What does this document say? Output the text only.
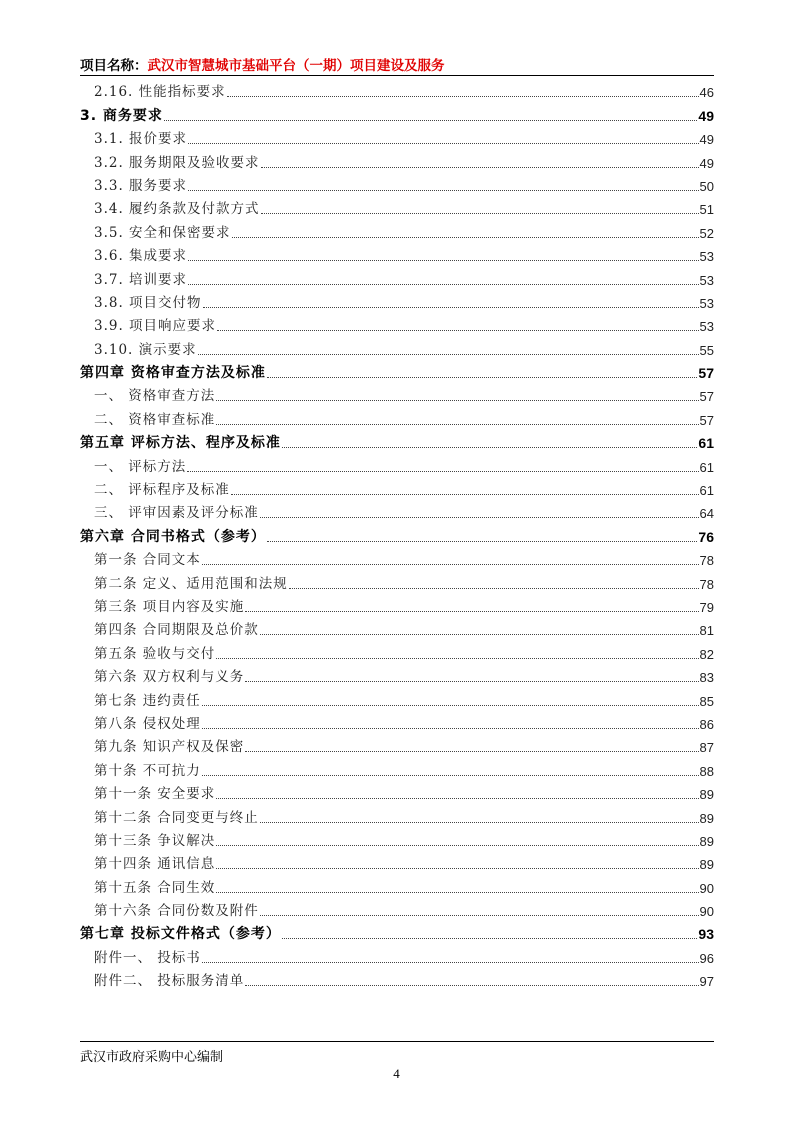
项目名称：武汉市智慧城市基础平台（一期）项目建设及服务
2.16. 性能指标要求	46
3. 商务要求	49
3.1. 报价要求	49
3.2. 服务期限及验收要求	49
3.3. 服务要求	50
3.4. 履约条款及付款方式	51
3.5. 安全和保密要求	52
3.6. 集成要求	53
3.7. 培训要求	53
3.8. 项目交付物	53
3.9. 项目响应要求	53
3.10. 演示要求	55
第四章 资格审查方法及标准	57
一、 资格审查方法	57
二、 资格审查标准	57
第五章 评标方法、程序及标准	61
一、 评标方法	61
二、 评标程序及标准	61
三、 评审因素及评分标准	64
第六章 合同书格式（参考）	76
第一条 合同文本	78
第二条 定义、适用范围和法规	78
第三条 项目内容及实施	79
第四条 合同期限及总价款	81
第五条 验收与交付	82
第六条 双方权利与义务	83
第七条 违约责任	85
第八条 侵权处理	86
第九条 知识产权及保密	87
第十条 不可抗力	88
第十一条 安全要求	89
第十二条 合同变更与终止	89
第十三条 争议解决	89
第十四条 通讯信息	89
第十五条 合同生效	90
第十六条 合同份数及附件	90
第七章 投标文件格式（参考）	93
附件一、 投标书	96
附件二、 投标服务清单	97
武汉市政府采购中心编制
4
